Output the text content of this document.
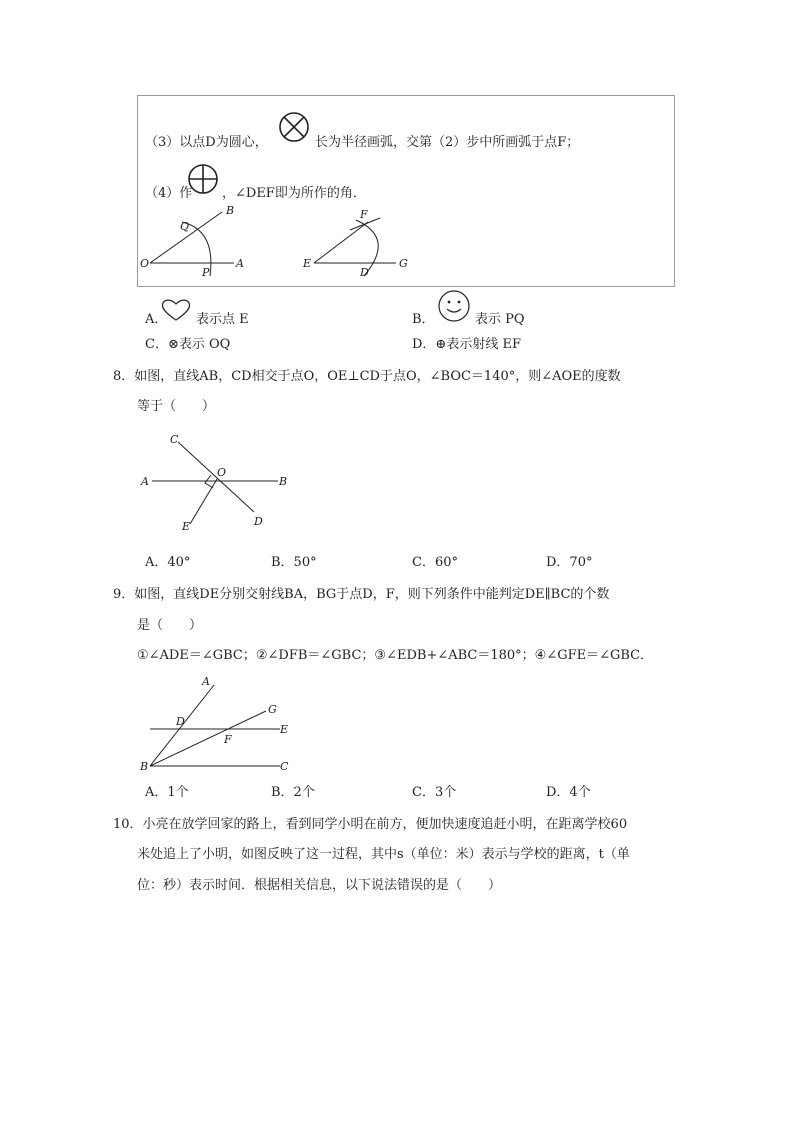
（3）以点D为圆心，	长为半径画弧，交第（2）步中所画弧于点F；
（4）作 ，∠DEF即为所作的角．
O
Q
B
P
A	E
F
D
G
A． 表示点 E	B．	表示 PQ
C．⊗表示 OQ	D．⊕表示射线 EF
8．如图，直线AB，CD相交于点O，OE⊥CD于点O，∠BOC＝140°，则∠AOE的度数
等于（　　）
C
O
A	B
E	D
A．40°	B．50°	C．60°	D．70°
9．如图，直线DE分别交射线BA，BG于点D，F，则下列条件中能判定DE∥BC的个数
是（　　）
①∠ADE＝∠GBC；②∠DFB＝∠GBC；③∠EDB+∠ABC＝180°；④∠GFE＝∠GBC．
A
D
G
E
F
B	C
A．1个	B．2个	C．3个	D．4个
10．小亮在放学回家的路上，看到同学小明在前方，便加快速度追赶小明，在距离学校60
米处追上了小明，如图反映了这一过程，其中s（单位：米）表示与学校的距离，t（单
位：秒）表示时间．根据相关信息，以下说法错误的是（　　）
